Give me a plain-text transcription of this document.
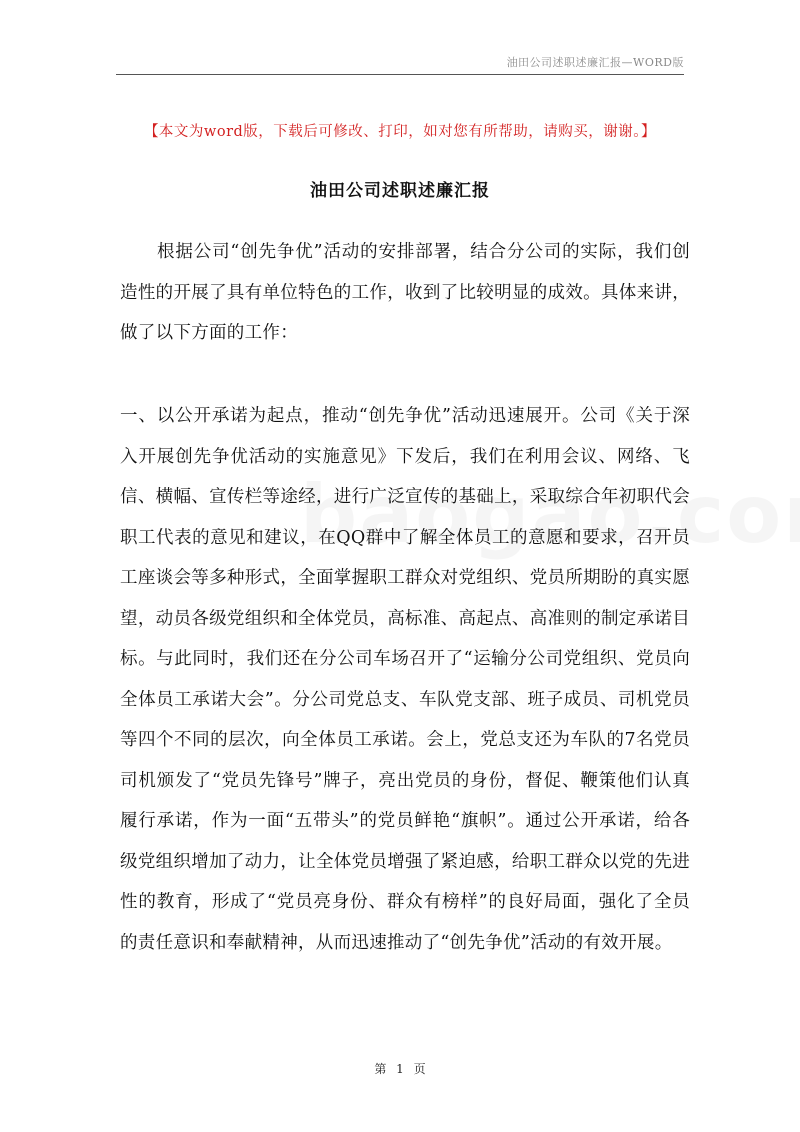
油田公司述职述廉汇报—WORD版
【本文为word版，下载后可修改、打印，如对您有所帮助，请购买，谢谢。】
油田公司述职述廉汇报

根据公司“创先争优”活动的安排部署，结合分公司的实际，我们创造性的开展了具有单位特色的工作，收到了比较明显的成效。具体来讲，做了以下方面的工作：

一、以公开承诺为起点，推动“创先争优”活动迅速展开。公司《关于深入开展创先争优活动的实施意见》下发后，我们在利用会议、网络、飞信、横幅、宣传栏等途经，进行广泛宣传的基础上，采取综合年初职代会职工代表的意见和建议，在QQ群中了解全体员工的意愿和要求，召开员工座谈会等多种形式，全面掌握职工群众对党组织、党员所期盼的真实愿望，动员各级党组织和全体党员，高标准、高起点、高准则的制定承诺目标。与此同时，我们还在分公司车场召开了“运输分公司党组织、党员向全体员工承诺大会”。分公司党总支、车队党支部、班子成员、司机党员等四个不同的层次，向全体员工承诺。会上，党总支还为车队的7名党员司机颁发了“党员先锋号”牌子，亮出党员的身份，督促、鞭策他们认真履行承诺，作为一面“五带头”的党员鲜艳“旗帜”。通过公开承诺，给各级党组织增加了动力，让全体党员增强了紧迫感，给职工群众以党的先进性的教育，形成了“党员亮身份、群众有榜样”的良好局面，强化了全员的责任意识和奉献精神，从而迅速推动了“创先争优”活动的有效开展。

第 1 页
